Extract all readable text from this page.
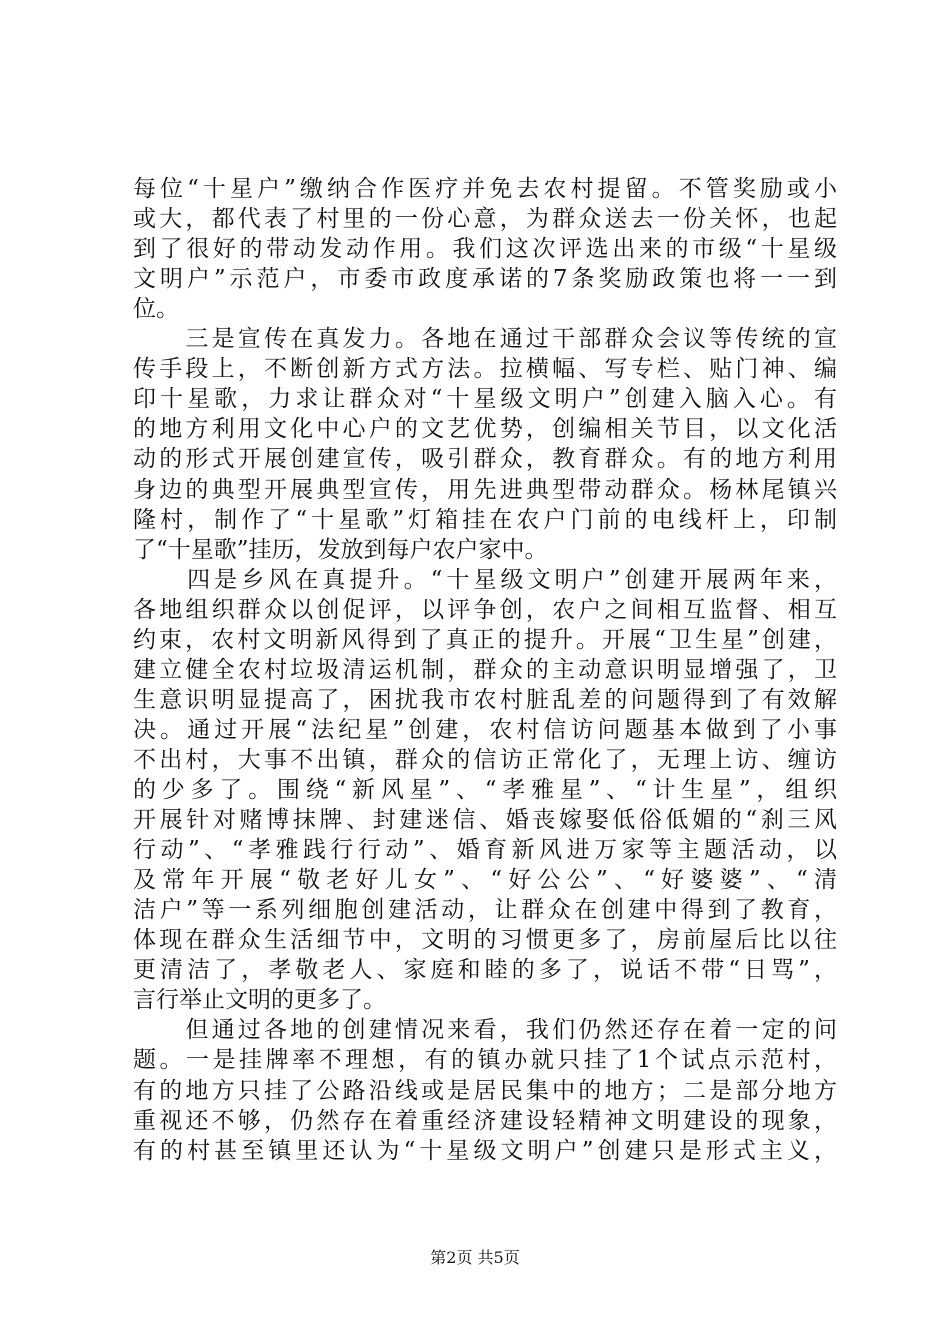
每位“十星户”缴纳合作医疗并免去农村提留。不管奖励或小
或大，都代表了村里的一份心意，为群众送去一份关怀，也起
到了很好的带动发动作用。我们这次评选出来的市级“十星级
文明户”示范户，市委市政度承诺的7条奖励政策也将一一到
位。
　　三是宣传在真发力。各地在通过干部群众会议等传统的宣
传手段上，不断创新方式方法。拉横幅、写专栏、贴门神、编
印十星歌，力求让群众对“十星级文明户”创建入脑入心。有
的地方利用文化中心户的文艺优势，创编相关节目，以文化活
动的形式开展创建宣传，吸引群众，教育群众。有的地方利用
身边的典型开展典型宣传，用先进典型带动群众。杨林尾镇兴
隆村，制作了“十星歌”灯箱挂在农户门前的电线杆上，印制
了“十星歌”挂历，发放到每户农户家中。
　　四是乡风在真提升。“十星级文明户”创建开展两年来，
各地组织群众以创促评，以评争创，农户之间相互监督、相互
约束，农村文明新风得到了真正的提升。开展“卫生星”创建，
建立健全农村垃圾清运机制，群众的主动意识明显增强了，卫
生意识明显提高了，困扰我市农村脏乱差的问题得到了有效解
决。通过开展“法纪星”创建，农村信访问题基本做到了小事
不出村，大事不出镇，群众的信访正常化了，无理上访、缠访
的少多了。围绕“新风星”、“孝雅星”、“计生星”，组织
开展针对赌博抹牌、封建迷信、婚丧嫁娶低俗低媚的“刹三风
行动”、“孝雅践行行动”、婚育新风进万家等主题活动，以
及常年开展“敬老好儿女”、“好公公”、“好婆婆”、“清
洁户”等一系列细胞创建活动，让群众在创建中得到了教育，
体现在群众生活细节中，文明的习惯更多了，房前屋后比以往
更清洁了，孝敬老人、家庭和睦的多了，说话不带“日骂”，
言行举止文明的更多了。
　　但通过各地的创建情况来看，我们仍然还存在着一定的问
题。一是挂牌率不理想，有的镇办就只挂了1个试点示范村，
有的地方只挂了公路沿线或是居民集中的地方；二是部分地方
重视还不够，仍然存在着重经济建设轻精神文明建设的现象，
有的村甚至镇里还认为“十星级文明户”创建只是形式主义，
第2页 共5页
